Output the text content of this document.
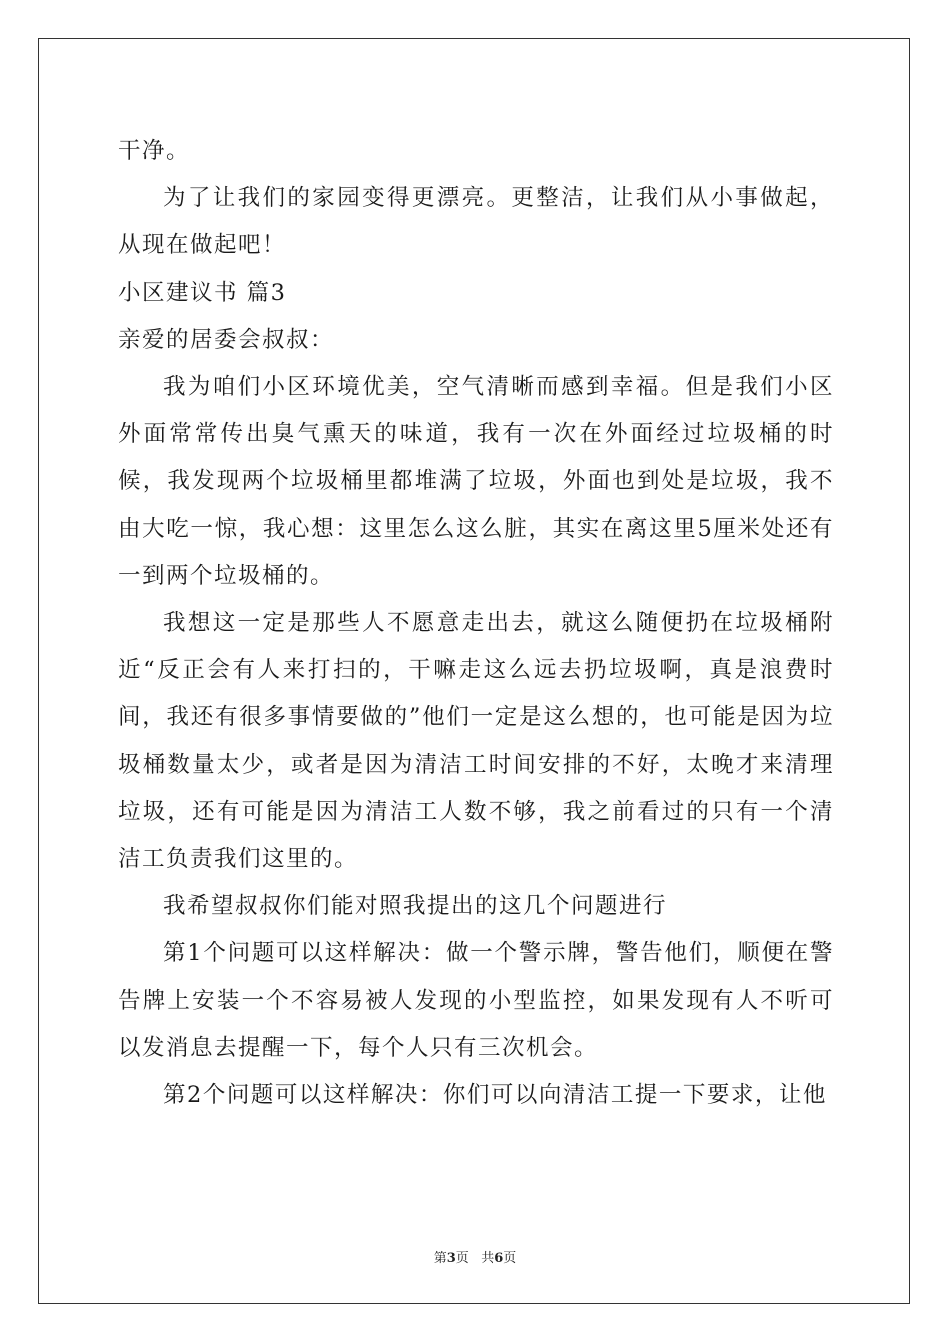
干净。

为了让我们的家园变得更漂亮。更整洁，让我们从小事做起，从现在做起吧！

小区建议书 篇3

亲爱的居委会叔叔：

我为咱们小区环境优美，空气清晰而感到幸福。但是我们小区外面常常传出臭气熏天的味道，我有一次在外面经过垃圾桶的时候，我发现两个垃圾桶里都堆满了垃圾，外面也到处是垃圾，我不由大吃一惊，我心想：这里怎么这么脏，其实在离这里5厘米处还有一到两个垃圾桶的。

我想这一定是那些人不愿意走出去，就这么随便扔在垃圾桶附近“反正会有人来打扫的，干嘛走这么远去扔垃圾啊，真是浪费时间，我还有很多事情要做的”他们一定是这么想的，也可能是因为垃圾桶数量太少，或者是因为清洁工时间安排的不好，太晚才来清理垃圾，还有可能是因为清洁工人数不够，我之前看过的只有一个清洁工负责我们这里的。

我希望叔叔你们能对照我提出的这几个问题进行

第1个问题可以这样解决：做一个警示牌，警告他们，顺便在警告牌上安装一个不容易被人发现的小型监控，如果发现有人不听可以发消息去提醒一下，每个人只有三次机会。

第2个问题可以这样解决：你们可以向清洁工提一下要求，让他

第3页 共6页
